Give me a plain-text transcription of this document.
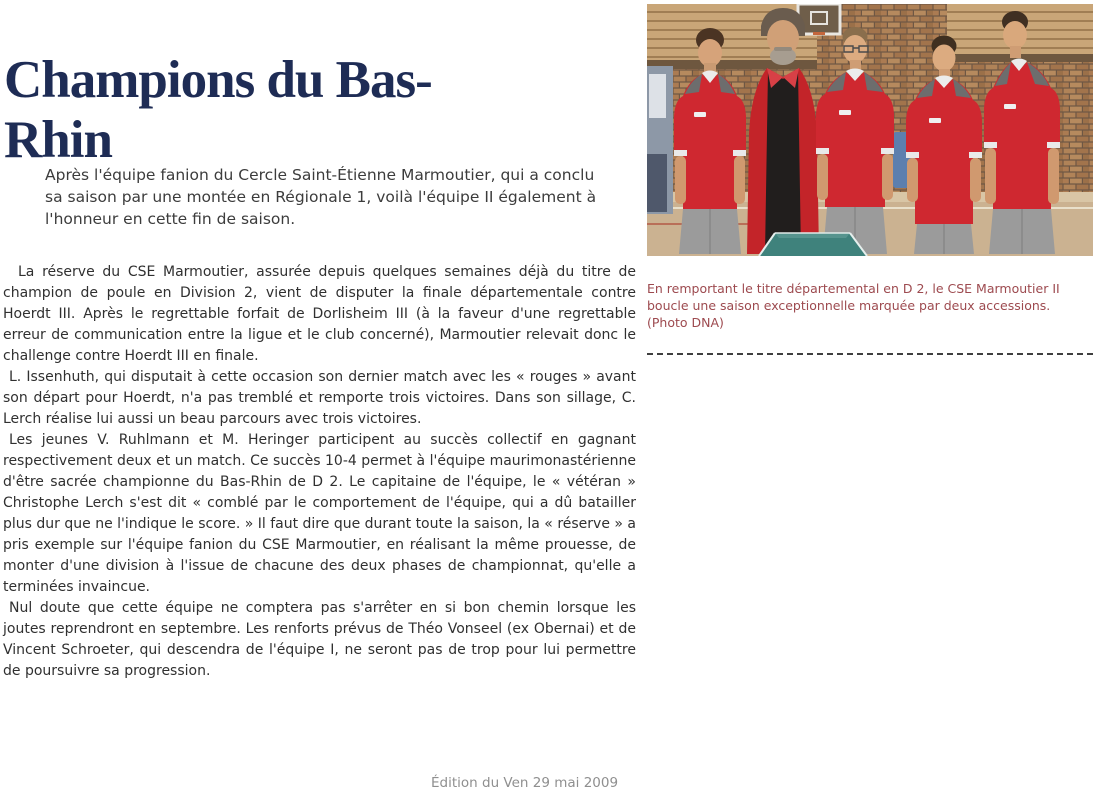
Champions du Bas-
Rhin

Après l'équipe fanion du Cercle Saint-Étienne Marmoutier, qui a conclu sa saison par une montée en Régionale 1, voilà l'équipe II également à l'honneur en cette fin de saison.

La réserve du CSE Marmoutier, assurée depuis quelques semaines déjà du titre de champion de poule en Division 2, vient de disputer la finale départementale contre Hoerdt III. Après le regrettable forfait de Dorlisheim III (à la faveur d'une regrettable erreur de communication entre la ligue et le club concerné), Marmoutier relevait donc le challenge contre Hoerdt III en finale.

L. Issenhuth, qui disputait à cette occasion son dernier match avec les « rouges » avant son départ pour Hoerdt, n'a pas tremblé et remporte trois victoires. Dans son sillage, C. Lerch réalise lui aussi un beau parcours avec trois victoires.

Les jeunes V. Ruhlmann et M. Heringer participent au succès collectif en gagnant respectivement deux et un match. Ce succès 10-4 permet à l'équipe maurimonastérienne d'être sacrée championne du Bas-Rhin de D 2. Le capitaine de l'équipe, le « vétéran » Christophe Lerch s'est dit « comblé par le comportement de l'équipe, qui a dû batailler plus dur que ne l'indique le score. » Il faut dire que durant toute la saison, la « réserve » a pris exemple sur l'équipe fanion du CSE Marmoutier, en réalisant la même prouesse, de monter d'une division à l'issue de chacune des deux phases de championnat, qu'elle a terminées invaincue.

Nul doute que cette équipe ne comptera pas s'arrêter en si bon chemin lorsque les joutes reprendront en septembre. Les renforts prévus de Théo Vonseel (ex Obernai) et de Vincent Schroeter, qui descendra de l'équipe I, ne seront pas de trop pour lui permettre de poursuivre sa progression.

Édition du Ven 29 mai 2009

En remportant le titre départemental en D 2, le CSE Marmoutier II boucle une saison exceptionnelle marquée par deux accessions. (Photo DNA)
